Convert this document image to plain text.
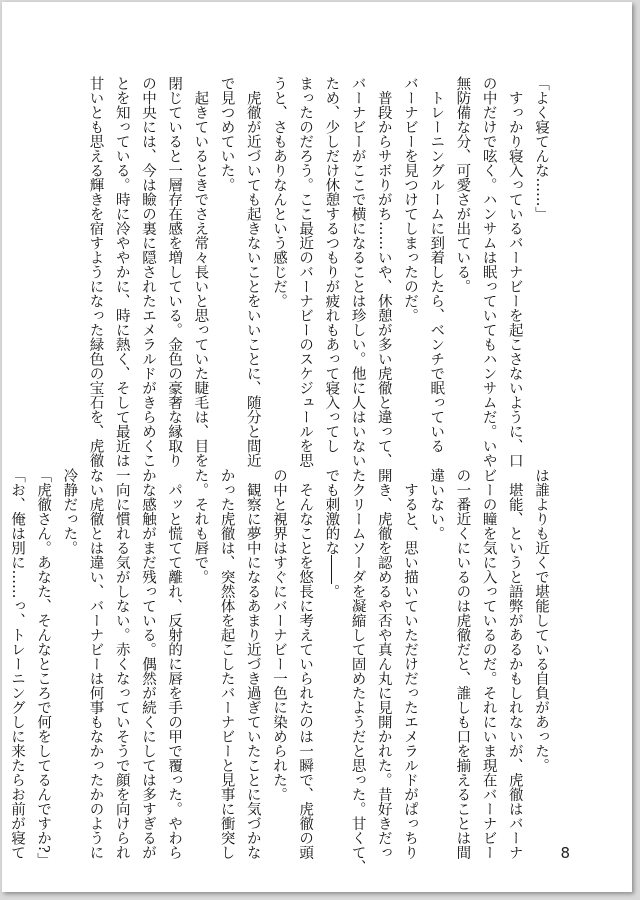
「よく寝てんな……」

　すっかり寝入っているバーナビーを起こさないように、口

の中だけで呟く。ハンサムは眠っていてもハンサムだ。いや

無防備な分、可愛さが出ている。

　トレーニングルームに到着したら、ベンチで眠っている

バーナビーを見つけてしまったのだ。

　普段からサボりがち……いや、休憩が多い虎徹と違って、

バーナビーがここで横になることは珍しい。他に人はいない

ため、少しだけ休憩するつもりが疲れもあって寝入ってし

まったのだろう。ここ最近のバーナビーのスケジュールを思

うと、さもありなんという感じだ。

　虎徹が近づいても起きないことをいいことに、随分と間近

で見つめていた。

　起きているときでさえ常々長いと思っていた睫毛は、目を

閉じていると一層存在感を増している。金色の豪奢な縁取り

の中央には、今は瞼の裏に隠されたエメラルドがきらめくこ

とを知っている。時に冷ややかに、時に熱く、そして最近は

甘いとも思える輝きを宿すようになった緑色の宝石を、虎徹

は誰よりも近くで堪能している自負があった。

　堪能、というと語弊があるかもしれないが、虎徹はバーナ

ビーの瞳を気に入っているのだ。それにいま現在バーナビー

の一番近くにいるのは虎徹だと、誰しも口を揃えることは間

違いない。

　すると、思い描いていただけだったエメラルドがぱっちり

開き、虎徹を認めるや否や真ん丸に見開かれた。昔好きだっ

たクリームソーダを凝縮して固めたようだと思った。甘くて、

でも刺激的な――。

　そんなことを悠長に考えていられたのは一瞬で、虎徹の頭

の中と視界はすぐにバーナビー一色に染められた。

　観察に夢中になるあまり近づき過ぎていたことに気づかな

かった虎徹は、突然体を起こしたバーナビーと見事に衝突し

た。それも唇で。

　パッと慌てて離れ、反射的に唇を手の甲で覆った。やわら

かな感触がまだ残っている。偶然が続くにしては多すぎるが

一向に慣れる気がしない。赤くなっていそうで顔を向けられ

ない虎徹とは違い、バーナビーは何事もなかったかのように

冷静だった。

「虎徹さん。あなた、そんなところで何をしてるんですか?」

「お、俺は別に……っ、トレーニングしに来たらお前が寝て	8
